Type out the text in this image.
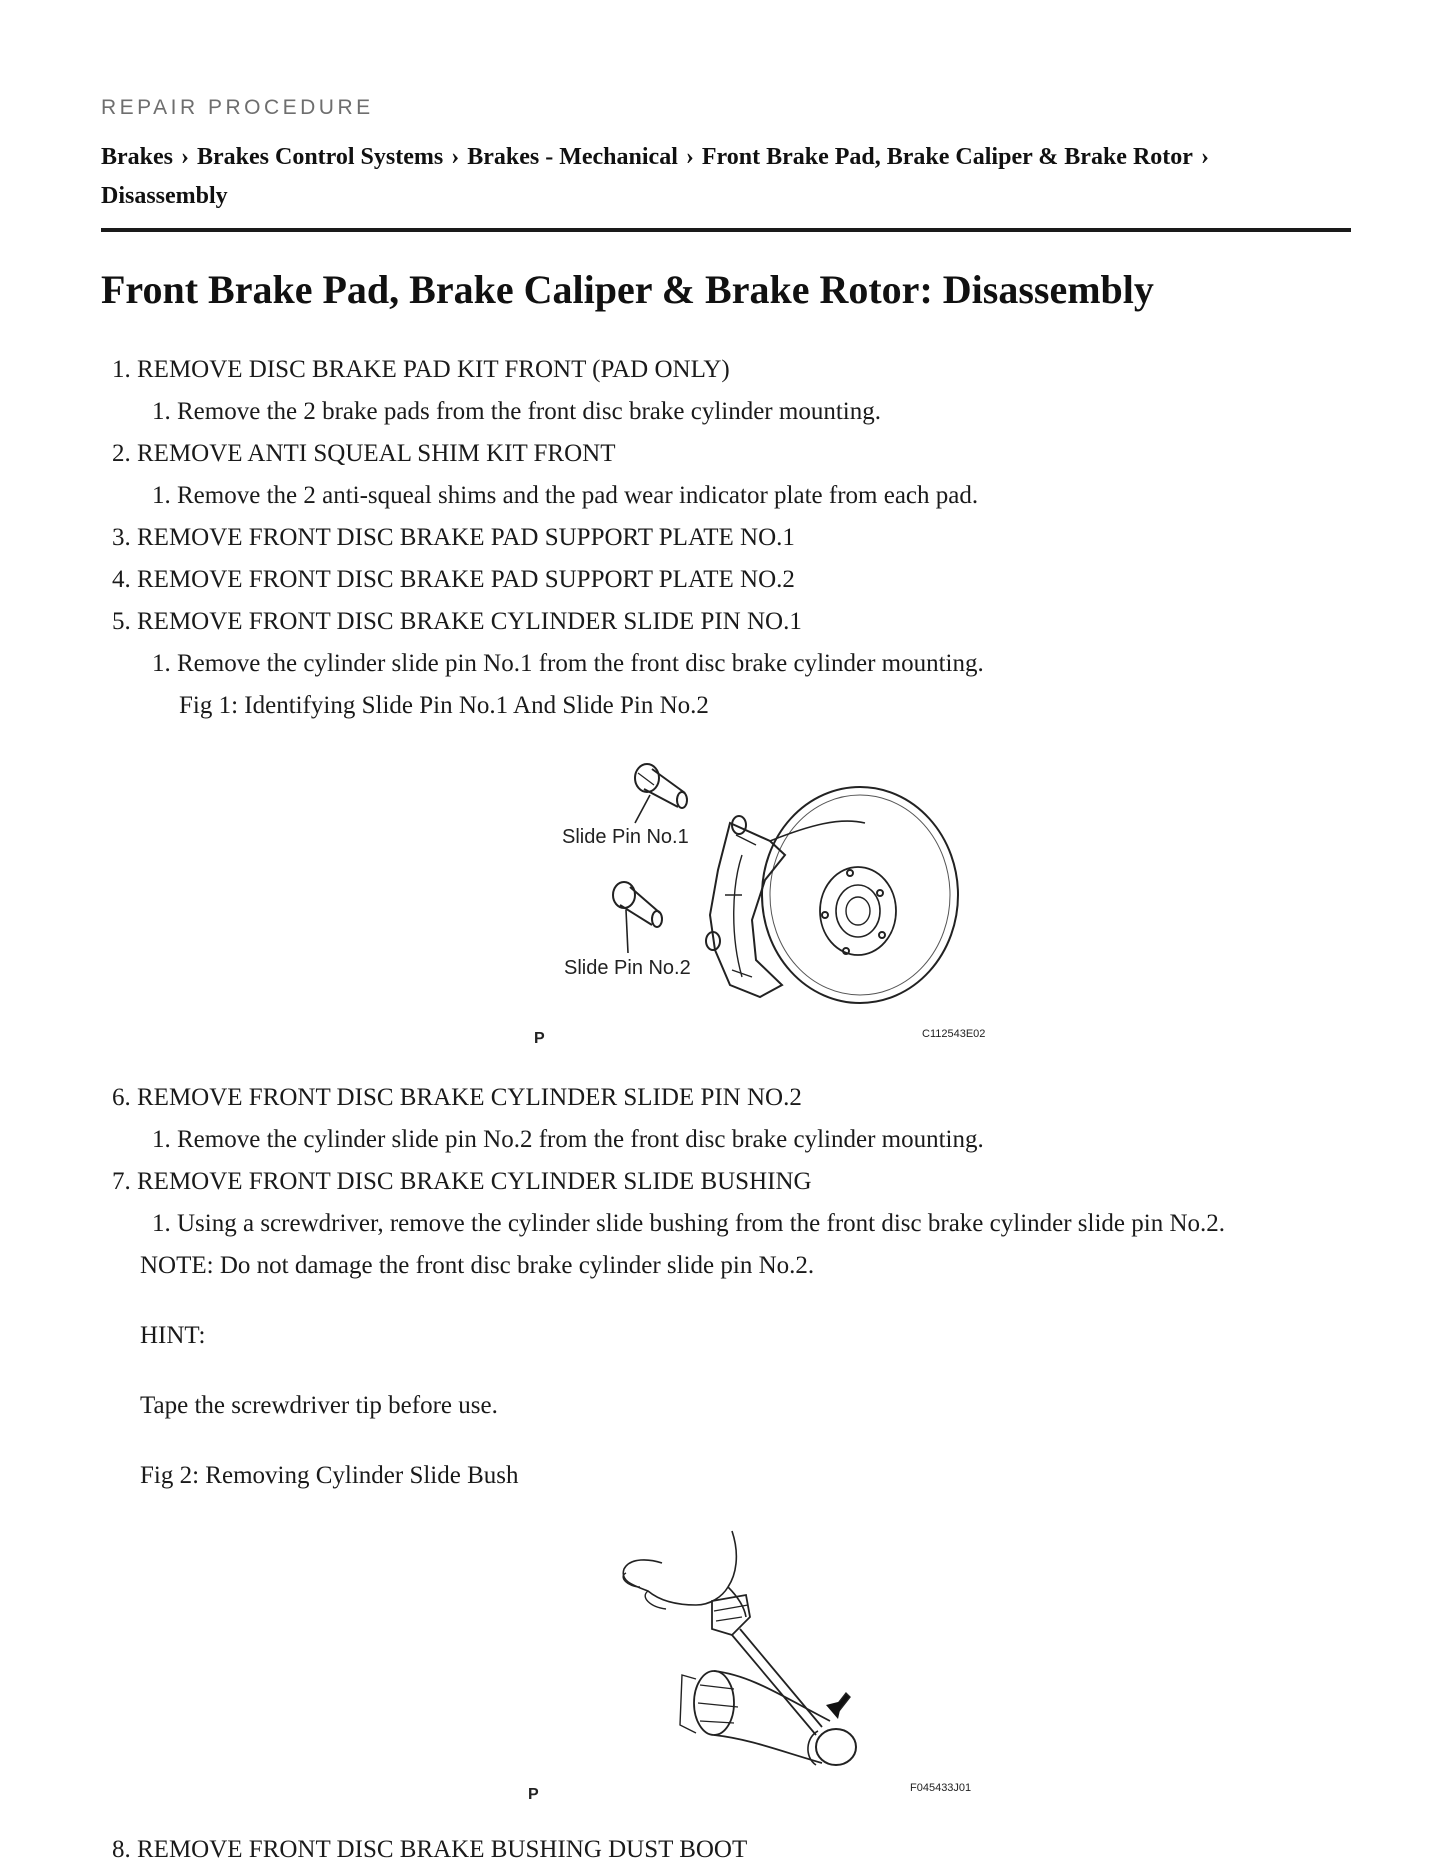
REPAIR PROCEDURE
Brakes › Brakes Control Systems › Brakes - Mechanical › Front Brake Pad, Brake Caliper & Brake Rotor ›
Disassembly
Front Brake Pad, Brake Caliper & Brake Rotor: Disassembly
1. REMOVE DISC BRAKE PAD KIT FRONT (PAD ONLY)
1. Remove the 2 brake pads from the front disc brake cylinder mounting.
2. REMOVE ANTI SQUEAL SHIM KIT FRONT
1. Remove the 2 anti-squeal shims and the pad wear indicator plate from each pad.
3. REMOVE FRONT DISC BRAKE PAD SUPPORT PLATE NO.1
4. REMOVE FRONT DISC BRAKE PAD SUPPORT PLATE NO.2
5. REMOVE FRONT DISC BRAKE CYLINDER SLIDE PIN NO.1
1. Remove the cylinder slide pin No.1 from the front disc brake cylinder mounting.
Fig 1: Identifying Slide Pin No.1 And Slide Pin No.2
Slide Pin No.1
Slide Pin No.2
P	C112543E02
6. REMOVE FRONT DISC BRAKE CYLINDER SLIDE PIN NO.2
1. Remove the cylinder slide pin No.2 from the front disc brake cylinder mounting.
7. REMOVE FRONT DISC BRAKE CYLINDER SLIDE BUSHING
1. Using a screwdriver, remove the cylinder slide bushing from the front disc brake cylinder slide pin No.2.
NOTE: Do not damage the front disc brake cylinder slide pin No.2.
HINT:
Tape the screwdriver tip before use.
Fig 2: Removing Cylinder Slide Bush
P	F045433J01
8. REMOVE FRONT DISC BRAKE BUSHING DUST BOOT
